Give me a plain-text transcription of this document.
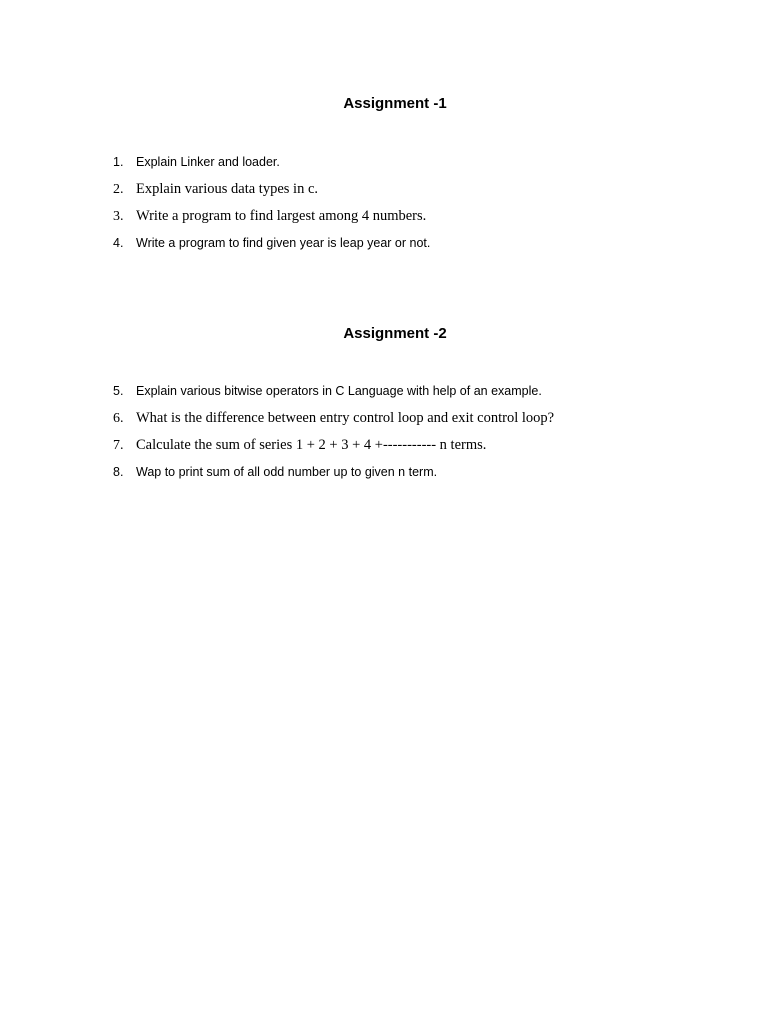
Assignment -1
1. Explain Linker and loader.
2. Explain various data types in c.
3. Write a program to find largest among 4 numbers.
4. Write a program to find given year is leap year or not.
Assignment -2
5. Explain various bitwise operators in C Language with help of an example.
6. What is the difference between entry control loop and exit control loop?
7. Calculate the sum of series 1 + 2 + 3 + 4 +----------- n terms.
8. Wap to print sum of all odd number up to given n term.
